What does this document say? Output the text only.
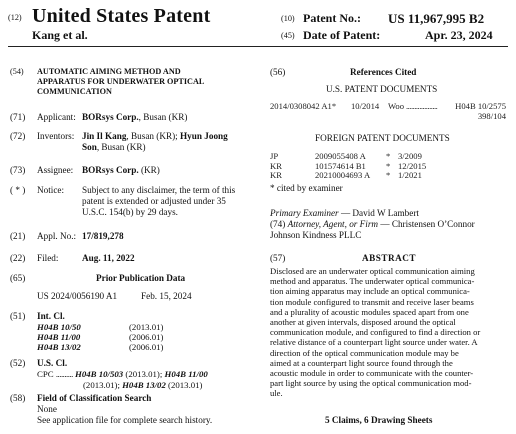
(12) United States Patent
Kang et al.
(10) Patent No.: US 11,967,995 B2
(45) Date of Patent:	Apr. 23, 2024
(54) AUTOMATIC AIMING METHOD AND
APPARATUS FOR UNDERWATER OPTICAL
COMMUNICATION
(71) Applicant: BORsys Corp., Busan (KR)
(72) Inventors: Jin Il Kang, Busan (KR); Hyun Joong
Son, Busan (KR)
(73) Assignee: BORsys Corp. (KR)
( * ) Notice: Subject to any disclaimer, the term of this
patent is extended or adjusted under 35
U.S.C. 154(b) by 29 days.
(21) Appl. No.: 17/819,278
(22) Filed:	Aug. 11, 2022
(65)	Prior Publication Data
US 2024/0056190 A1	Feb. 15, 2024
(51) Int. Cl.
H04B 10/50	(2013.01)
H04B 11/00	(2006.01)
H04B 13/02	(2006.01)
(52) U.S. Cl.
CPC .......... H04B 10/503 (2013.01); H04B 11/00
(2013.01); H04B 13/02 (2013.01)
(58) Field of Classification Search
None
See application file for complete search history.
(56)	References Cited
U.S. PATENT DOCUMENTS
2014/0308042 A1* 10/2014 Woo ................... H04B 10/2575
398/104
FOREIGN PATENT DOCUMENTS
JP	2009055408 A * 3/2009
KR	101574614 B1 * 12/2015
KR	20210004693 A * 1/2021
* cited by examiner
Primary Examiner — David W Lambert
(74) Attorney, Agent, or Firm — Christensen O’Connor
Johnson Kindness PLLC
(57)	ABSTRACT
Disclosed are an underwater optical communication aiming
method and apparatus. The underwater optical communica-
tion aiming apparatus may include an optical communica-
tion module configured to transmit and receive laser beams
and a plurality of acoustic modules spaced apart from one
another at given intervals, disposed around the optical
communication module, and configured to find a direction or
relative distance of a counterpart light source under water. A
direction of the optical communication module may be
aimed at a counterpart light source found through the
acoustic module in order to communicate with the counter-
part light source by using the optical communication mod-
ule.
5 Claims, 6 Drawing Sheets
